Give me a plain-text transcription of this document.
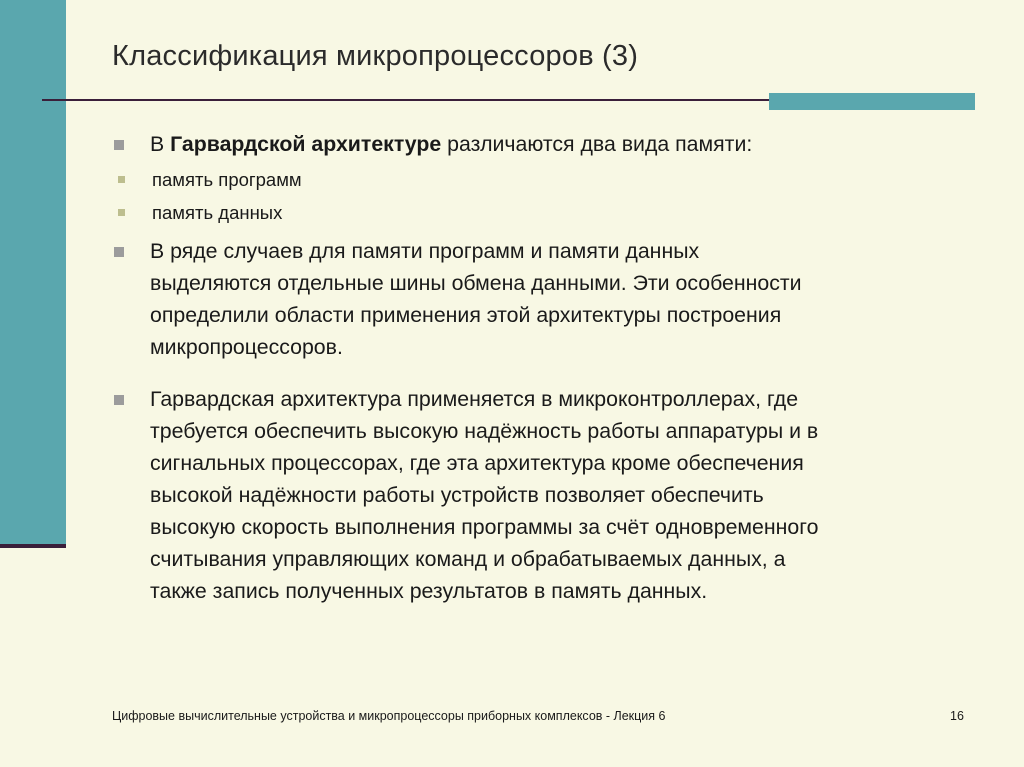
Классификация микропроцессоров (3)
В Гарвардской архитектуре различаются два вида памяти:
память программ
память данных
В ряде случаев для памяти программ и памяти данных
выделяются отдельные шины обмена данными. Эти особенности
определили области применения этой архитектуры построения
микропроцессоров.
Гарвардская архитектура применяется в микроконтроллерах, где
требуется обеспечить высокую надёжность работы аппаратуры и в
сигнальных процессорах, где эта архитектура кроме обеспечения
высокой надёжности работы устройств позволяет обеспечить
высокую скорость выполнения программы за счёт одновременного
считывания управляющих команд и обрабатываемых данных, а
также запись полученных результатов в память данных.
Цифровые вычислительные устройства и микропроцессоры приборных комплексов - Лекция 6	16
